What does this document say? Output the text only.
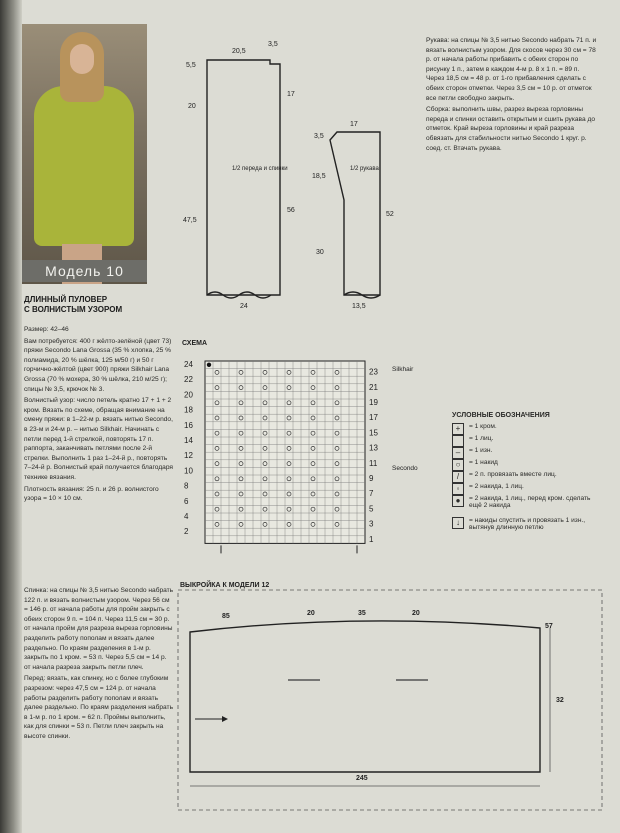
Модель 10
ДЛИННЫЙ ПУЛОВЕР
С ВОЛНИСТЫМ УЗОРОМ

Размер: 42–46

Вам потребуется: 400 г жёлто-зелёной (цвет 73) пряжи Secondo Lana Grossa (35 % хлопка, 25 % полиамида, 20 % шёлка, 125 м/50 г) и 50 г горчично-жёлтой (цвет 900) пряжи Silkhair Lana Grossa (70 % мохера, 30 % шёлка, 210 м/25 г); спицы № 3,5, крючок № 3.

Волнистый узор: число петель кратно 17 + 1 + 2 кром. Вязать по схеме, обращая внимание на смену пряжи: в 1–22-м р. вязать нитью Secondo, в 23-м и 24-м р. – нитью Silkhair. Начинать с петли перед 1-й стрелкой, повторять 17 п. раппорта, заканчивать петлями после 2-й стрелки. Выполнить 1 раз 1–24-й р., повторять 7–24-й р. Волнистый край получается благодаря технике вязания.

Плотность вязания: 25 п. и 26 р. волнистого узора = 10 × 10 см.

Спинка: на спицы № 3,5 нитью Secondo набрать 122 п. и вязать волнистым узором. Через 56 см = 146 р. от начала работы для пройм закрыть с обеих сторон 9 п. = 104 п. Через 11,5 см = 30 р. от начала пройм для разреза выреза горловины разделить работу пополам и вязать далее раздельно. По краям разделения в 1-м р. закрыть по 1 кром. = 53 п. Через 5,5 см = 14 р. от начала разреза закрыть петли плеч.

Перед: вязать, как спинку, но с более глубоким разрезом: через 47,5 см = 124 р. от начала работы разделить работу пополам и вязать далее раздельно. По краям разделения набрать в 1-м р. по 1 кром. = 62 п. Проймы выполнить, как для спинки = 53 п. Петли плеч закрыть на высоте спинки.

Рукава: на спицы № 3,5 нитью Secondo набрать 71 п. и вязать волнистым узором. Для скосов через 30 см = 78 р. от начала работы прибавить с обеих сторон по рисунку 1 п., затем в каждом 4-м р. 8 х 1 п. = 89 п. Через 18,5 см = 48 р. от 1-го прибавления сделать с обеих сторон отметки. Через 3,5 см = 10 р. от отметок все петли свободно закрыть.

Сборка: выполнить швы, разрез выреза горловины переда и спинки оставить открытым и сшить рукава до отметок. Край выреза горловины и край разреза обвязать для стабильности нитью Secondo 1 круг. р. соед. ст. Втачать рукава.

20,5
3,5
5,5
20
17
47,5
56
24
1/2 переда и спинки
17
3,5
18,5
30
52
13,5
1/2 рукава
24
22
20
18
16
14
12
10
8
6
4
2
23
21
19
17
15
13
11
9
7
5
3
1
Silkhair
Secondo
85	20	35	20
57
32
245
СХЕМА
ВЫКРОЙКА К МОДЕЛИ 12
УСЛОВНЫЕ ОБОЗНАЧЕНИЯ
+	= 1 кром.
= 1 лиц.
–	= 1 изн.
○	= 1 накид
/	= 2 п. провязать вместе лиц.
◦	= 2 накида, 1 лиц.
●	= 2 накида, 1 лиц., перед кром. сделать ещё 2 накида
↓	= накиды спустить и провязать 1 изн., вытянув длинную петлю
